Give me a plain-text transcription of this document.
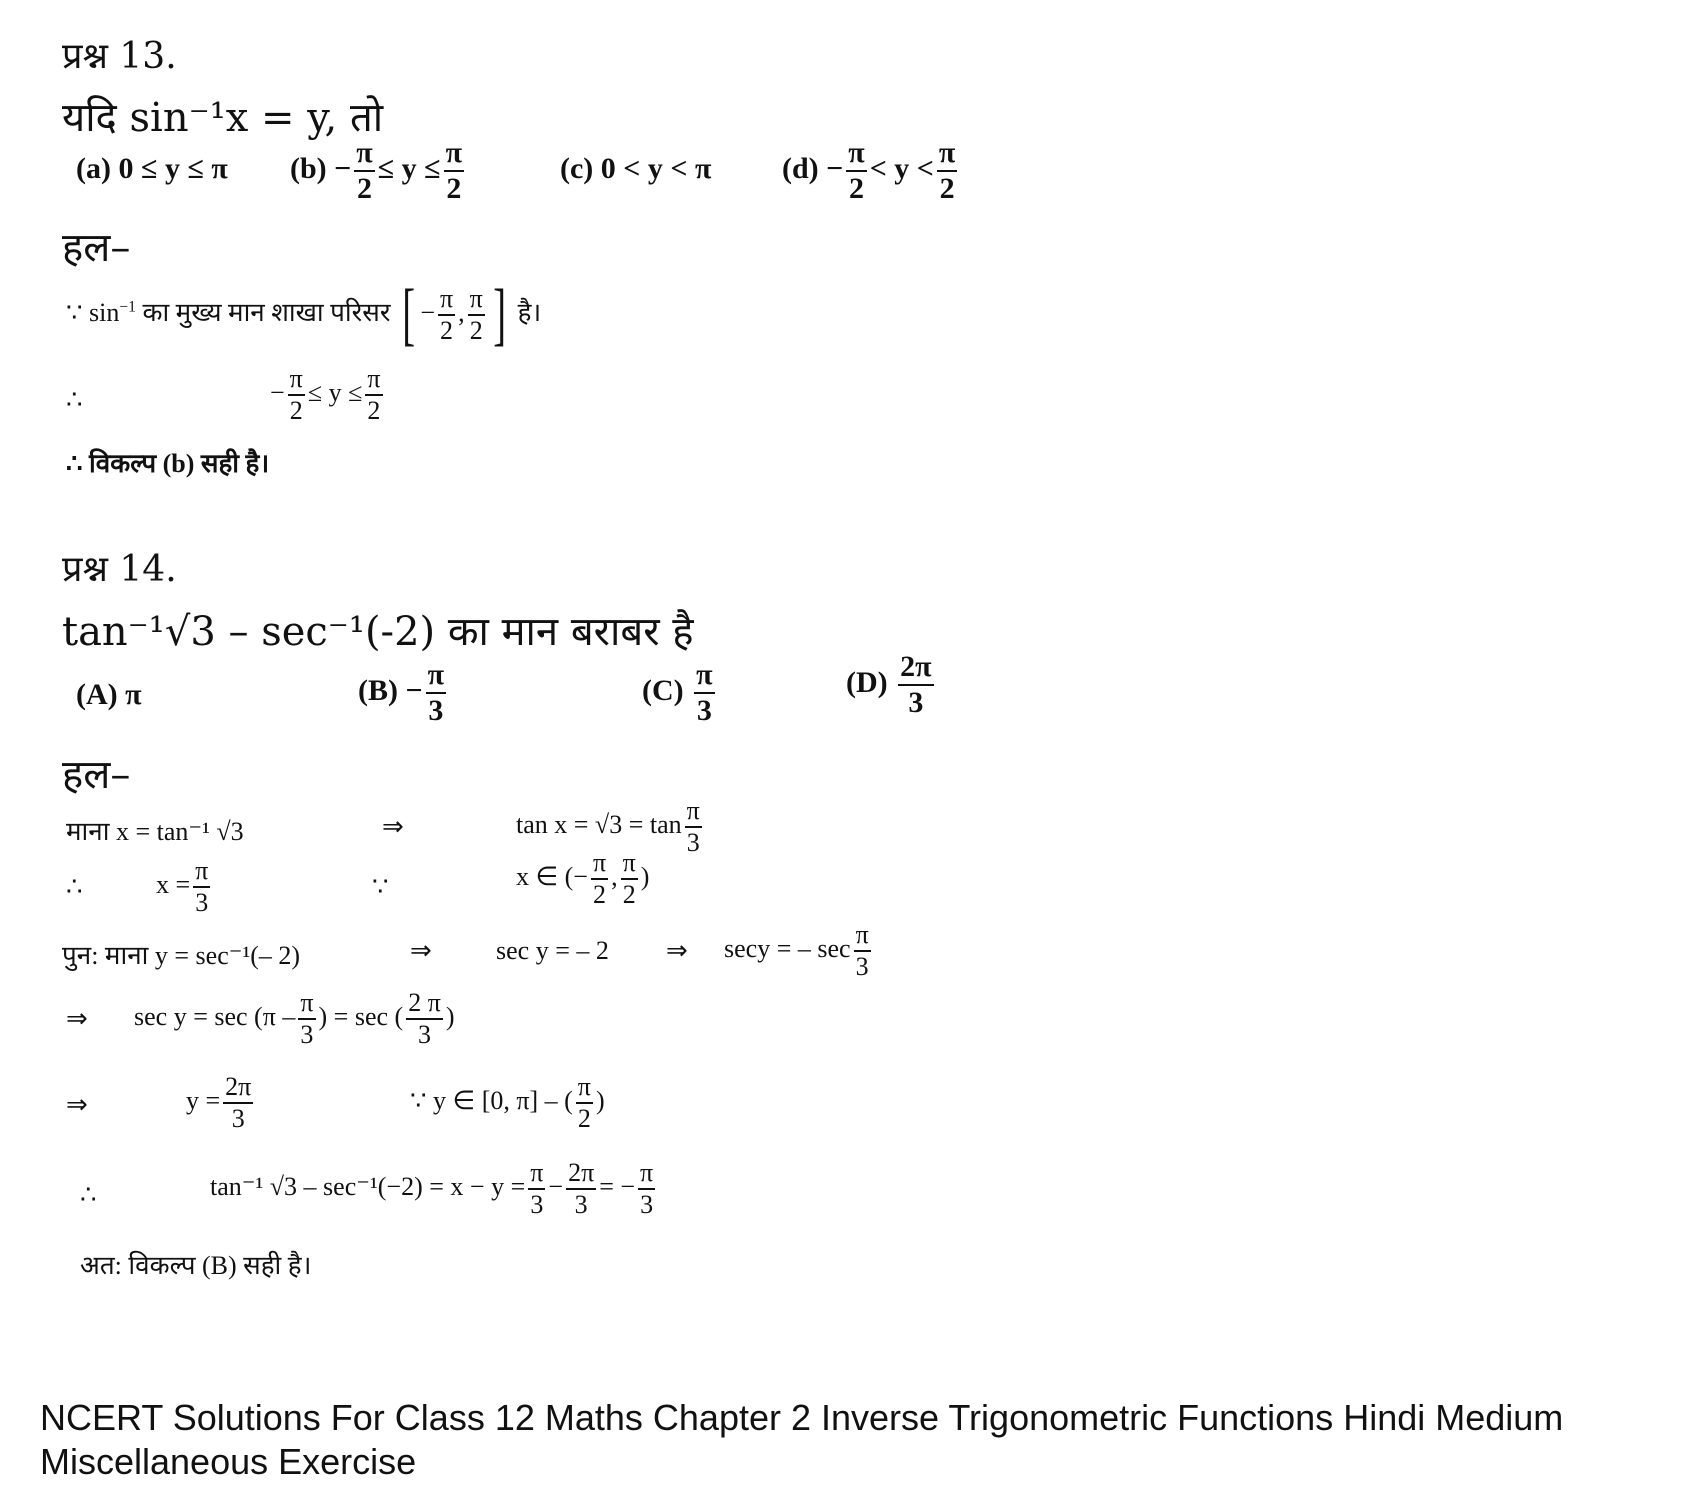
प्रश्न 13.
यदि sin⁻¹x = y, तो
(a) 0 ≤ y ≤ π $(b) - \frac{\pi}{2} \le y \le \frac{\pi}{2}$	(c) 0 < y < π $(d) - \frac{\pi}{2} < y < \frac{\pi}{2}$
हल–
∵ $\sin^{-1}$ का मुख्य मान शाखा परिसर [ − $\frac{\pi}{2}$ , $\frac{\pi}{2}$ ] है।
∴	− $\frac{\pi}{2} \le y \le \frac{\pi}{2}$
∴ विकल्प (b) सही है।
प्रश्न 14.
tan⁻¹√3 – sec⁻¹(-2) का मान बराबर है
(A) π	$(B) - \frac{\pi}{3}$	$(C) \frac{\pi}{3}$	$(D) \frac{2\pi}{3}$
हल–
माना x = tan⁻¹ √3	⇒	$\tan x = √3 = \tan \frac{\pi}{3}$
∴	$x = \frac{\pi}{3}$	∵	x ∈ (− $\frac{\pi}{2}$ , $\frac{\pi}{2}$ )
पुन: माना y = sec⁻¹(– 2)	⇒ sec y = – 2 ⇒ secy = – $\sec \frac{\pi}{3}$
⇒ $\sec y = \sec (\pi - \frac{\pi}{3}$ ) = sec ( $\frac{2 \pi}{3}$ )
⇒	$y = \frac{2\pi}{3}$	∵ y ∈ [0, π] – ( $\frac{\pi}{2}$ )
∴	tan⁻¹ $√3 - \sec^{-1}(-2) = x - y = \frac{\pi}{3} - \frac{2\pi}{3}$ = − $\frac{\pi}{3}$
अत: विकल्प (B) सही है।
NCERT Solutions For Class 12 Maths Chapter 2 Inverse Trigonometric Functions Hindi Medium Miscellaneous Exercise
